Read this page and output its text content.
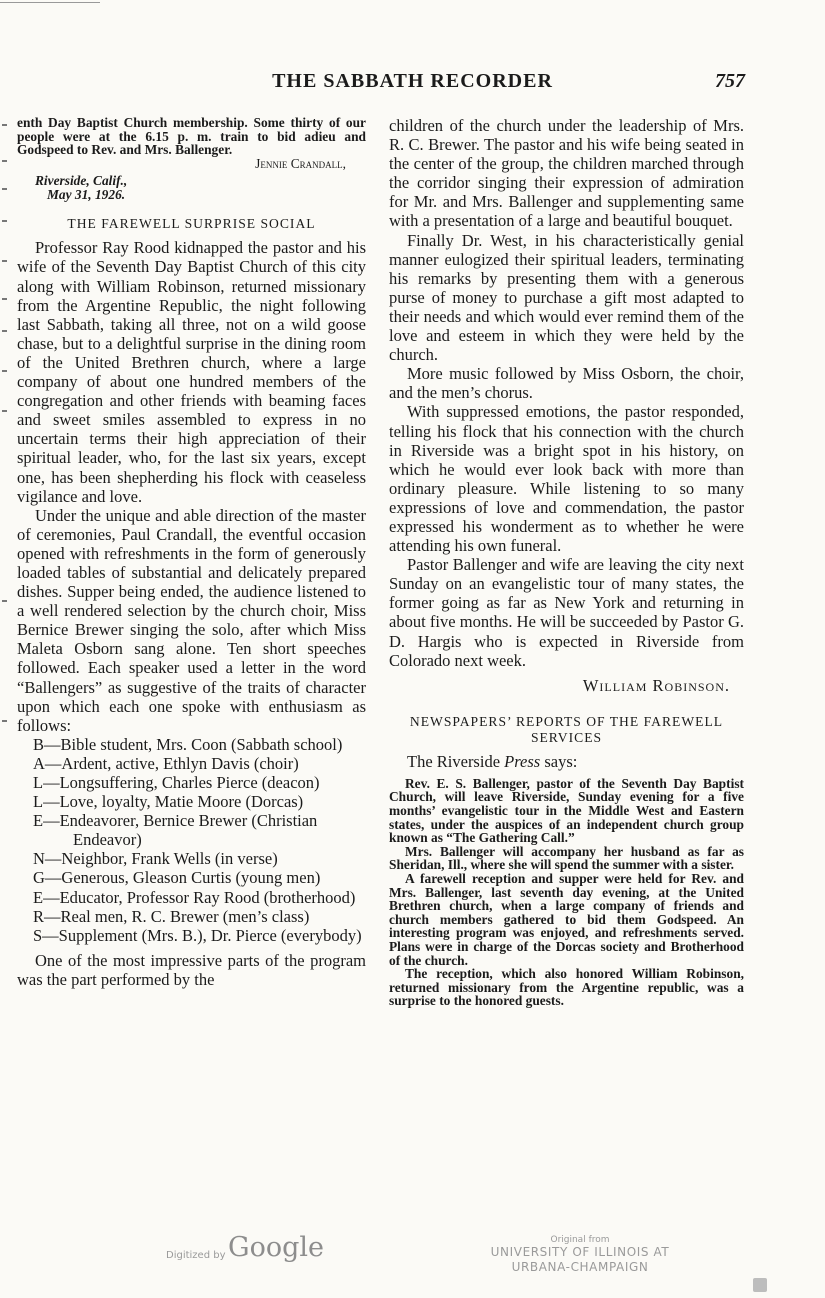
THE SABBATH RECORDER	757

enth Day Baptist Church membership. Some thirty of our people were at the 6.15 p. m. train to bid adieu and Godspeed to Rev. and Mrs. Ballenger.

Jennie Crandall,

Riverside, Calif.,

May 31, 1926.

THE FAREWELL SURPRISE SOCIAL

Professor Ray Rood kidnapped the pastor and his wife of the Seventh Day Baptist Church of this city along with William Robinson, returned missionary from the Argentine Republic, the night following last Sabbath, taking all three, not on a wild goose chase, but to a delightful surprise in the dining room of the United Brethren church, where a large company of about one hundred members of the congregation and other friends with beaming faces and sweet smiles assembled to express in no uncertain terms their high appreciation of their spiritual leader, who, for the last six years, except one, has been shepherding his flock with ceaseless vigilance and love.

Under the unique and able direction of the master of ceremonies, Paul Crandall, the eventful occasion opened with refreshments in the form of generously loaded tables of substantial and delicately prepared dishes. Supper being ended, the audience listened to a well rendered selection by the church choir, Miss Bernice Brewer singing the solo, after which Miss Maleta Osborn sang alone. Ten short speeches followed. Each speaker used a letter in the word “Ballengers” as suggestive of the traits of character upon which each one spoke with enthusiasm as follows:

B—Bible student, Mrs. Coon (Sabbath school)

A—Ardent, active, Ethlyn Davis (choir)

L—Longsuffering, Charles Pierce (deacon)

L—Love, loyalty, Matie Moore (Dorcas)

E—Endeavorer, Bernice Brewer (Christian Endeavor)

N—Neighbor, Frank Wells (in verse)

G—Generous, Gleason Curtis (young men)

E—Educator, Professor Ray Rood (brotherhood)

R—Real men, R. C. Brewer (men’s class)

S—Supplement (Mrs. B.), Dr. Pierce (everybody)

One of the most impressive parts of the program was the part performed by the

children of the church under the leadership of Mrs. R. C. Brewer. The pastor and his wife being seated in the center of the group, the children marched through the corridor singing their expression of admiration for Mr. and Mrs. Ballenger and supplementing same with a presentation of a large and beautiful bouquet.

Finally Dr. West, in his characteristically genial manner eulogized their spiritual leaders, terminating his remarks by presenting them with a generous purse of money to purchase a gift most adapted to their needs and which would ever remind them of the love and esteem in which they were held by the church.

More music followed by Miss Osborn, the choir, and the men’s chorus.

With suppressed emotions, the pastor responded, telling his flock that his connection with the church in Riverside was a bright spot in his history, on which he would ever look back with more than ordinary pleasure. While listening to so many expressions of love and commendation, the pastor expressed his wonderment as to whether he were attending his own funeral.

Pastor Ballenger and wife are leaving the city next Sunday on an evangelistic tour of many states, the former going as far as New York and returning in about five months. He will be succeeded by Pastor G. D. Hargis who is expected in Riverside from Colorado next week.

William Robinson.

NEWSPAPERS’ REPORTS OF THE FAREWELL

SERVICES

The Riverside Press says:

Rev. E. S. Ballenger, pastor of the Seventh Day Baptist Church, will leave Riverside, Sunday evening for a five months’ evangelistic tour in the Middle West and Eastern states, under the auspices of an independent church group known as “The Gathering Call.”

Mrs. Ballenger will accompany her husband as far as Sheridan, Ill., where she will spend the summer with a sister.

A farewell reception and supper were held for Rev. and Mrs. Ballenger, last seventh day evening, at the United Brethren church, when a large company of friends and church members gathered to bid them Godspeed. An interesting program was enjoyed, and refreshments served. Plans were in charge of the Dorcas society and Brotherhood of the church.

The reception, which also honored William Robinson, returned missionary from the Argentine republic, was a surprise to the honored guests.

Digitized by Google	Original from
UNIVERSITY OF ILLINOIS AT
URBANA-CHAMPAIGN
